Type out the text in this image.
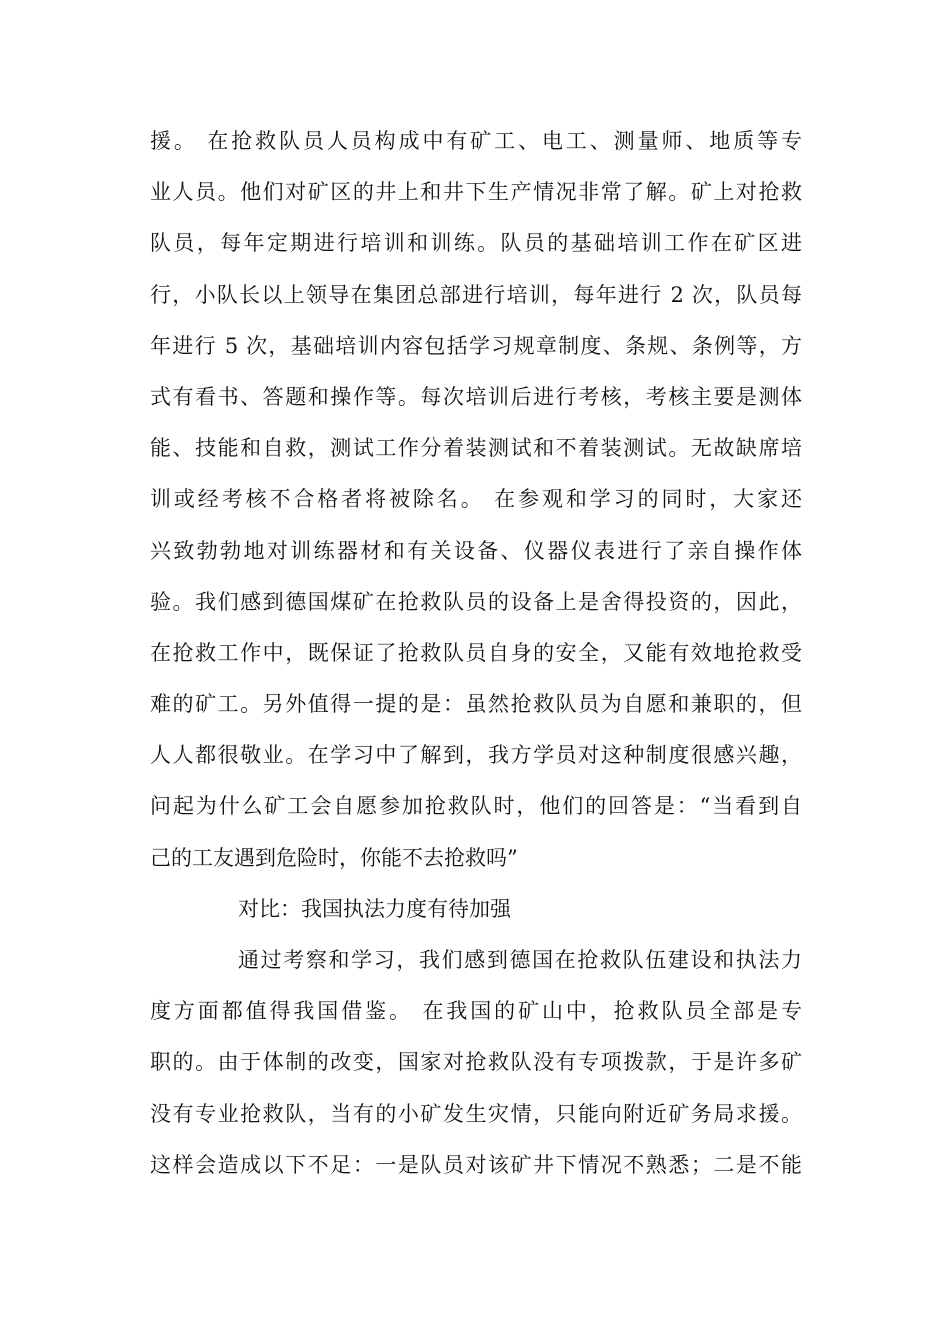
援。 在抢救队员人员构成中有矿工、电工、测量师、地质等专
业人员。他们对矿区的井上和井下生产情况非常了解。矿上对抢救
队员，每年定期进行培训和训练。队员的基础培训工作在矿区进
行，小队长以上领导在集团总部进行培训，每年进行 2 次，队员每
年进行 5 次，基础培训内容包括学习规章制度、条规、条例等，方
式有看书、答题和操作等。每次培训后进行考核，考核主要是测体
能、技能和自救，测试工作分着装测试和不着装测试。无故缺席培
训或经考核不合格者将被除名。 在参观和学习的同时，大家还
兴致勃勃地对训练器材和有关设备、仪器仪表进行了亲自操作体
验。我们感到德国煤矿在抢救队员的设备上是舍得投资的，因此，
在抢救工作中，既保证了抢救队员自身的安全，又能有效地抢救受
难的矿工。另外值得一提的是：虽然抢救队员为自愿和兼职的，但
人人都很敬业。在学习中了解到，我方学员对这种制度很感兴趣，
问起为什么矿工会自愿参加抢救队时，他们的回答是：“当看到自
己的工友遇到危险时，你能不去抢救吗”
对比：我国执法力度有待加强
通过考察和学习，我们感到德国在抢救队伍建设和执法力
度方面都值得我国借鉴。 在我国的矿山中，抢救队员全部是专
职的。由于体制的改变，国家对抢救队没有专项拨款，于是许多矿
没有专业抢救队，当有的小矿发生灾情，只能向附近矿务局求援。
这样会造成以下不足：一是队员对该矿井下情况不熟悉；二是不能
